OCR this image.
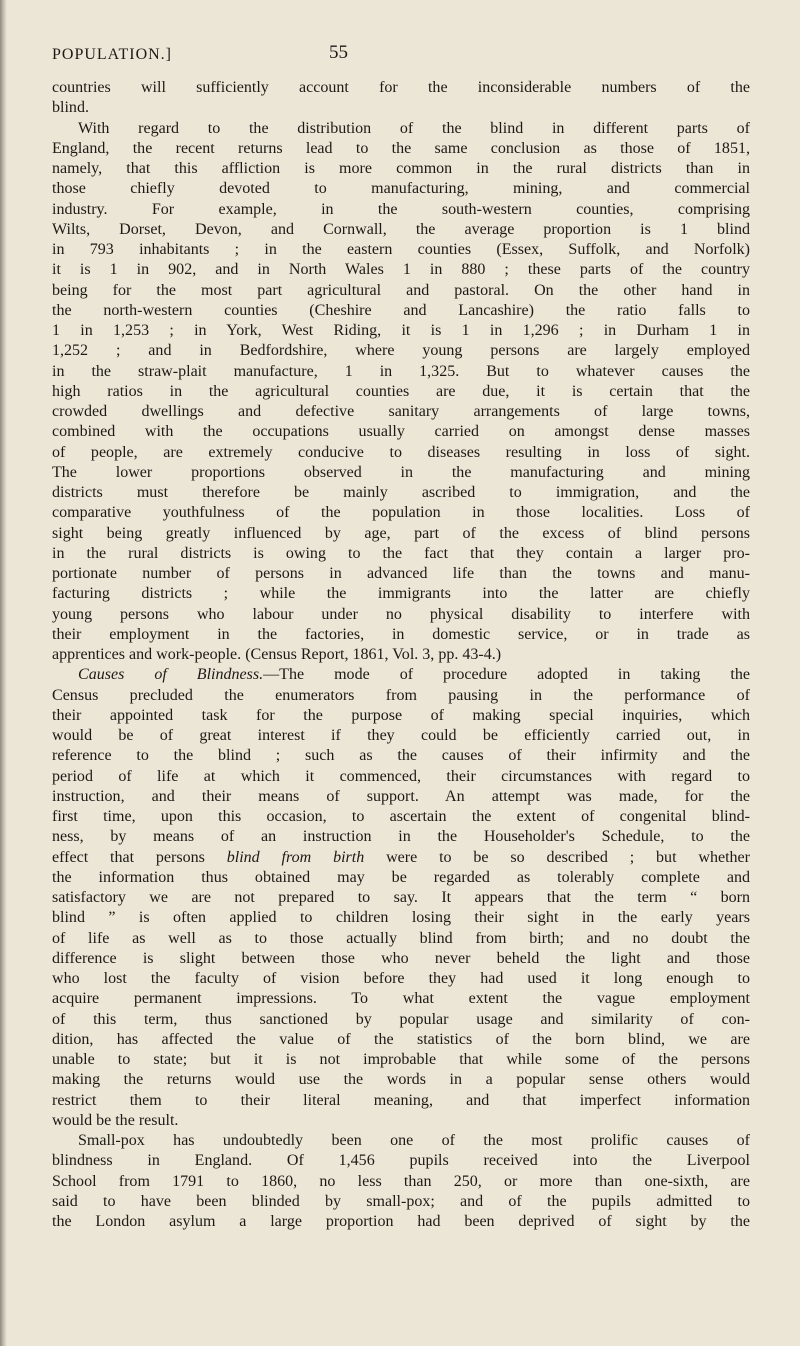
POPULATION.]	55
countries will sufficiently account for the inconsiderable numbers of the
blind.
With regard to the distribution of the blind in different parts of
England, the recent returns lead to the same conclusion as those of 1851,
namely, that this affliction is more common in the rural districts than in
those chiefly devoted to manufacturing, mining, and commercial
industry. For example, in the south-western counties, comprising
Wilts, Dorset, Devon, and Cornwall, the average proportion is 1 blind
in 793 inhabitants ; in the eastern counties (Essex, Suffolk, and Norfolk)
it is 1 in 902, and in North Wales 1 in 880 ; these parts of the country
being for the most part agricultural and pastoral. On the other hand in
the north-western counties (Cheshire and Lancashire) the ratio falls to
1 in 1,253 ; in York, West Riding, it is 1 in 1,296 ; in Durham 1 in
1,252 ; and in Bedfordshire, where young persons are largely employed
in the straw-plait manufacture, 1 in 1,325. But to whatever causes the
high ratios in the agricultural counties are due, it is certain that the
crowded dwellings and defective sanitary arrangements of large towns,
combined with the occupations usually carried on amongst dense masses
of people, are extremely conducive to diseases resulting in loss of sight.
The lower proportions observed in the manufacturing and mining
districts must therefore be mainly ascribed to immigration, and the
comparative youthfulness of the population in those localities. Loss of
sight being greatly influenced by age, part of the excess of blind persons
in the rural districts is owing to the fact that they contain a larger pro-
portionate number of persons in advanced life than the towns and manu-
facturing districts ; while the immigrants into the latter are chiefly
young persons who labour under no physical disability to interfere with
their employment in the factories, in domestic service, or in trade as
apprentices and work-people. (Census Report, 1861, Vol. 3, pp. 43-4.)
Causes of Blindness.—The mode of procedure adopted in taking the
Census precluded the enumerators from pausing in the performance of
their appointed task for the purpose of making special inquiries, which
would be of great interest if they could be efficiently carried out, in
reference to the blind ; such as the causes of their infirmity and the
period of life at which it commenced, their circumstances with regard to
instruction, and their means of support. An attempt was made, for the
first time, upon this occasion, to ascertain the extent of congenital blind-
ness, by means of an instruction in the Householder's Schedule, to the
effect that persons blind from birth were to be so described ; but whether
the information thus obtained may be regarded as tolerably complete and
satisfactory we are not prepared to say. It appears that the term “ born
blind ” is often applied to children losing their sight in the early years
of life as well as to those actually blind from birth; and no doubt the
difference is slight between those who never beheld the light and those
who lost the faculty of vision before they had used it long enough to
acquire permanent impressions. To what extent the vague employment
of this term, thus sanctioned by popular usage and similarity of con-
dition, has affected the value of the statistics of the born blind, we are
unable to state; but it is not improbable that while some of the persons
making the returns would use the words in a popular sense others would
restrict them to their literal meaning, and that imperfect information
would be the result.
Small-pox has undoubtedly been one of the most prolific causes of
blindness in England. Of 1,456 pupils received into the Liverpool
School from 1791 to 1860, no less than 250, or more than one-sixth, are
said to have been blinded by small-pox; and of the pupils admitted to
the London asylum a large proportion had been deprived of sight by the
